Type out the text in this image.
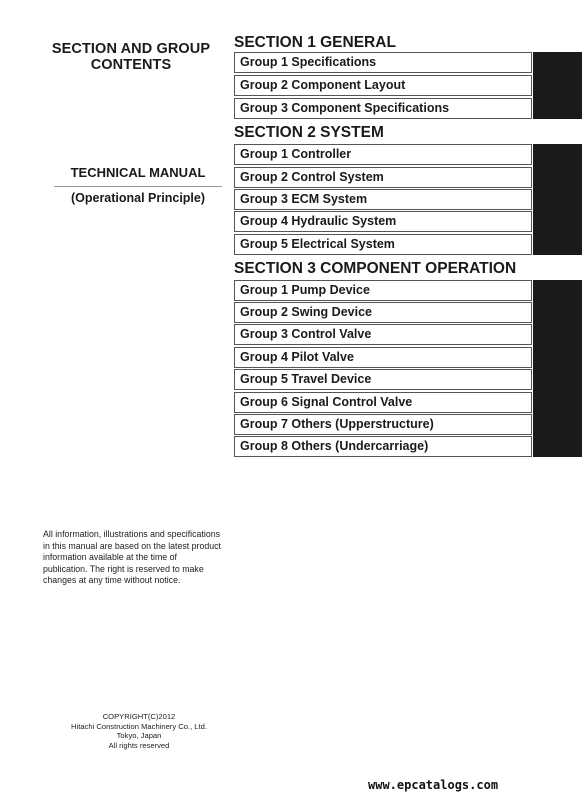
SECTION AND GROUP
CONTENTS
TECHNICAL MANUAL
(Operational Principle)
SECTION 1 GENERAL
Group 1 Specifications
Group 2 Component Layout
Group 3 Component Specifications
SECTION 2 SYSTEM
Group 1 Controller
Group 2 Control System
Group 3 ECM System
Group 4 Hydraulic System
Group 5 Electrical System
SECTION 3 COMPONENT OPERATION
Group 1 Pump Device
Group 2 Swing Device
Group 3 Control Valve
Group 4 Pilot Valve
Group 5 Travel Device
Group 6 Signal Control Valve
Group 7 Others (Upperstructure)
Group 8 Others (Undercarriage)
All information, illustrations and specifications in this manual are based on the latest product information available at the time of publication. The right is reserved to make changes at any time without notice.
COPYRIGHT(C)2012
Hitachi Construction Machinery Co., Ltd.
Tokyo, Japan
All rights reserved
www.epcatalogs.com
